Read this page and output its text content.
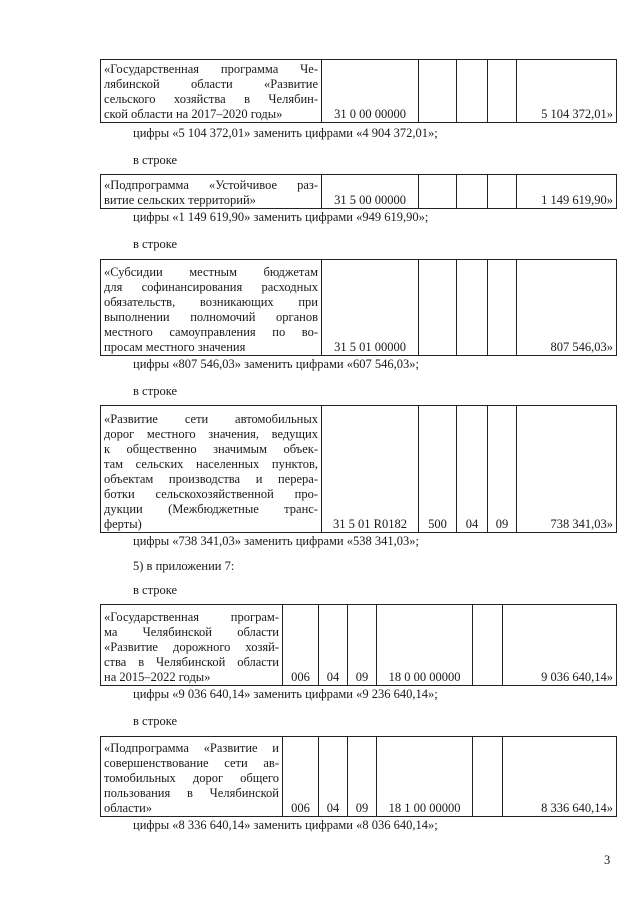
«Государственная программа Че-
лябинской области «Развитие
сельского хозяйства в Челябин-
ской области на 2017–2020 годы»	31 0 00 00000				5 104 372,01»

цифры «5 104 372,01» заменить цифрами «4 904 372,01»;

в строке

«Подпрограмма «Устойчивое раз-
витие сельских территорий»	31 5 00 00000				1 149 619,90»

цифры «1 149 619,90» заменить цифрами «949 619,90»;

в строке

«Субсидии местным бюджетам
для софинансирования расходных
обязательств, возникающих при
выполнении полномочий органов
местного самоуправления по во-
просам местного значения	31 5 01 00000				807 546,03»

цифры «807 546,03» заменить цифрами «607 546,03»;

в строке

«Развитие сети автомобильных
дорог местного значения, ведущих
к общественно значимым объек-
там сельских населенных пунктов,
объектам производства и перера-
ботки сельскохозяйственной про-
дукции (Межбюджетные транс-
ферты)	31 5 01 R0182	500	04	09	738 341,03»

цифры «738 341,03» заменить цифрами «538 341,03»;

5) в приложении 7:

в строке

«Государственная програм-
ма Челябинской области
«Развитие дорожного хозяй-
ства в Челябинской области
на 2015–2022 годы»	006	04	09	18 0 00 00000		9 036 640,14»

цифры «9 036 640,14» заменить цифрами «9 236 640,14»;

в строке

«Подпрограмма «Развитие и
совершенствование сети ав-
томобильных дорог общего
пользования в Челябинской
области»	006	04	09	18 1 00 00000		8 336 640,14»

цифры «8 336 640,14» заменить цифрами «8 036 640,14»;

3
